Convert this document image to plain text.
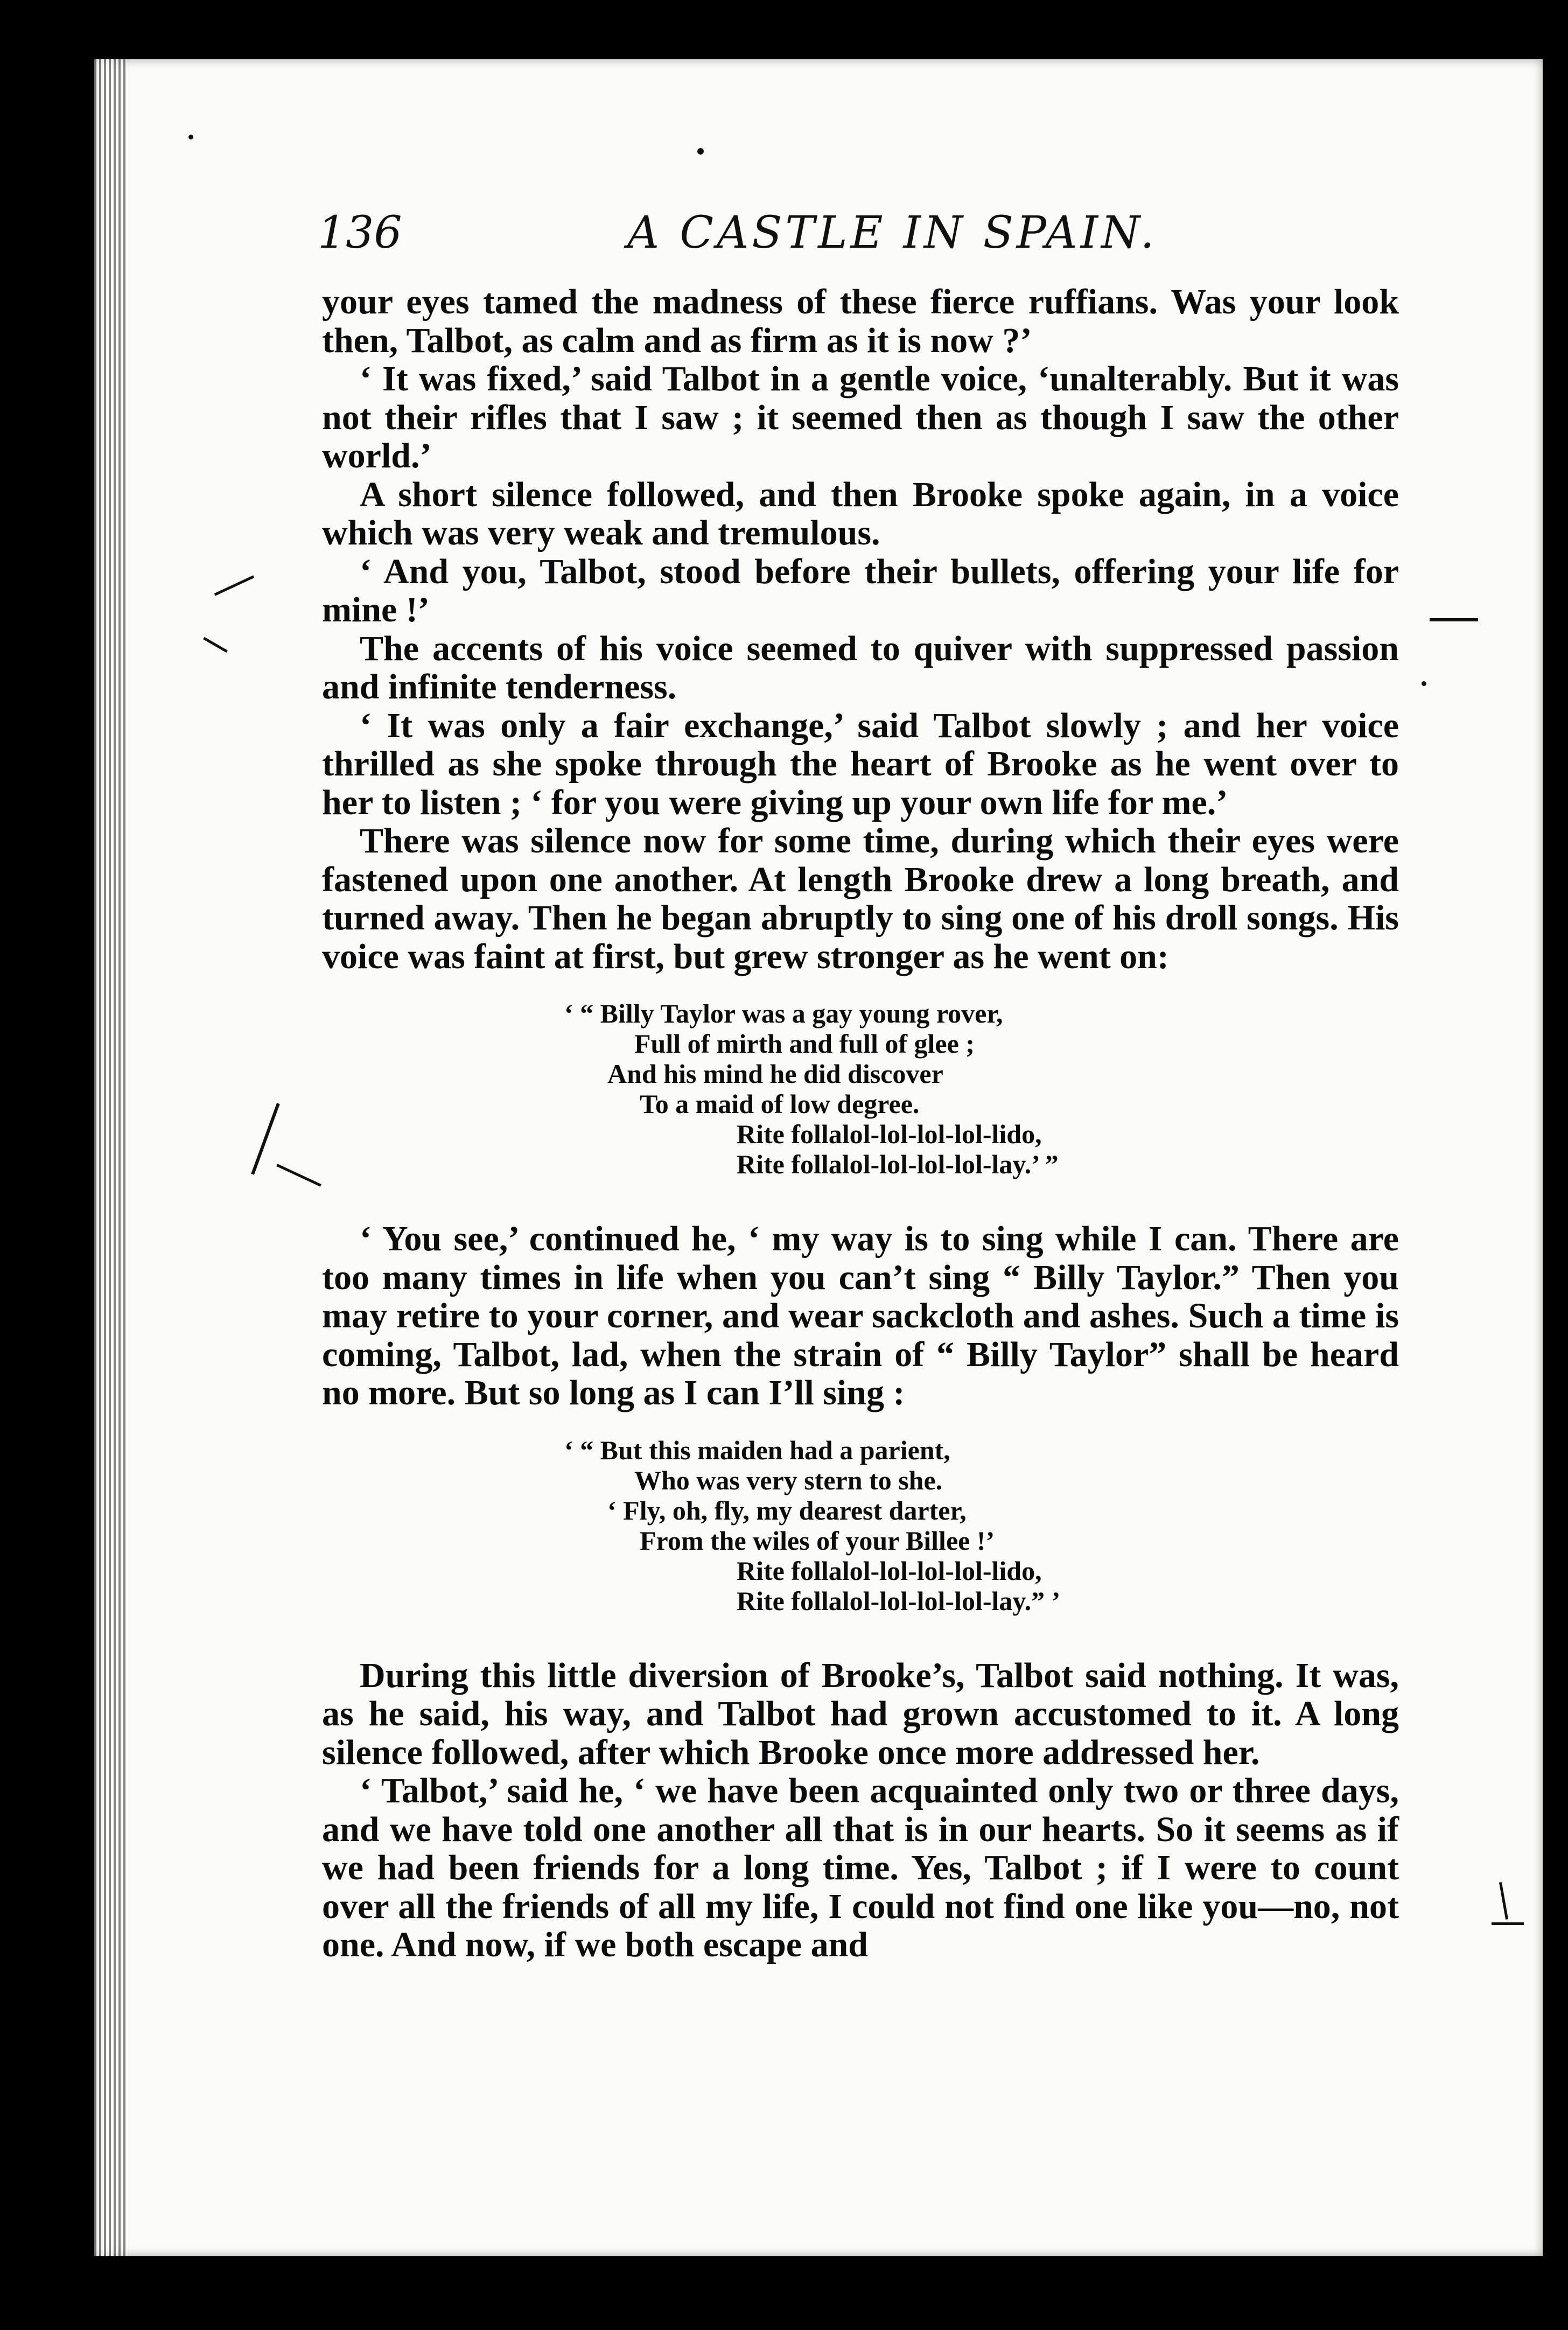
136	A CASTLE IN SPAIN.

your eyes tamed the madness of these fierce ruffians. Was your look then, Talbot, as calm and as firm as it is now ?’

‘ It was fixed,’ said Talbot in a gentle voice, ‘unalterably. But it was not their rifles that I saw ; it seemed then as though I saw the other world.’

A short silence followed, and then Brooke spoke again, in a voice which was very weak and tremulous.

‘ And you, Talbot, stood before their bullets, offering your life for mine !’

The accents of his voice seemed to quiver with suppressed passion and infinite tenderness.

‘ It was only a fair exchange,’ said Talbot slowly ; and her voice thrilled as she spoke through the heart of Brooke as he went over to her to listen ; ‘ for you were giving up your own life for me.’

There was silence now for some time, during which their eyes were fastened upon one another. At length Brooke drew a long breath, and turned away. Then he began abruptly to sing one of his droll songs. His voice was faint at first, but grew stronger as he went on:

‘ “ Billy Taylor was a gay young rover,
Full of mirth and full of glee ;
And his mind he did discover
To a maid of low degree.
Rite follalol-lol-lol-lol-lido,
Rite follalol-lol-lol-lol-lay.’ ”

‘ You see,’ continued he, ‘ my way is to sing while I can. There are too many times in life when you can’t sing “ Billy Taylor.” Then you may retire to your corner, and wear sackcloth and ashes. Such a time is coming, Talbot, lad, when the strain of “ Billy Taylor” shall be heard no more. But so long as I can I’ll sing :

‘ “ But this maiden had a parient,
Who was very stern to she.
‘ Fly, oh, fly, my dearest darter,
From the wiles of your Billee !’
Rite follalol-lol-lol-lol-lido,
Rite follalol-lol-lol-lol-lay.” ’

During this little diversion of Brooke’s, Talbot said nothing. It was, as he said, his way, and Talbot had grown accustomed to it. A long silence followed, after which Brooke once more addressed her.

‘ Talbot,’ said he, ‘ we have been acquainted only two or three days, and we have told one another all that is in our hearts. So it seems as if we had been friends for a long time. Yes, Talbot ; if I were to count over all the friends of all my life, I could not find one like you—no, not one. And now, if we both escape and
